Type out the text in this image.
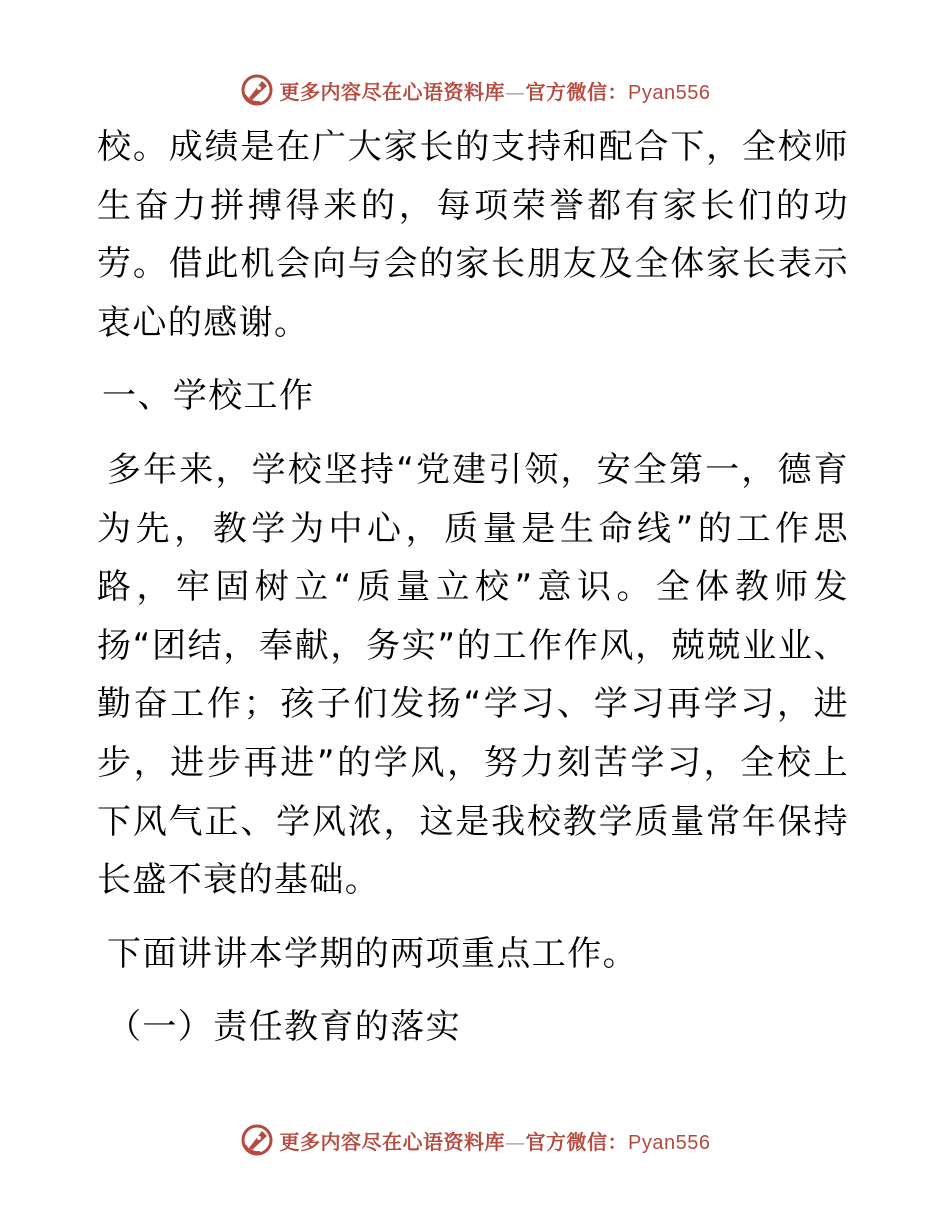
更多内容尽在心语资料库—官方微信：Pyan556

校。成绩是在广大家长的支持和配合下，全校师生奋力拼搏得来的，每项荣誉都有家长们的功劳。借此机会向与会的家长朋友及全体家长表示衷心的感谢。

一、学校工作

多年来，学校坚持“党建引领，安全第一，德育为先，教学为中心，质量是生命线”的工作思路，牢固树立“质量立校”意识。全体教师发扬“团结，奉献，务实”的工作作风，兢兢业业、勤奋工作；孩子们发扬“学习、学习再学习，进步，进步再进”的学风，努力刻苦学习，全校上下风气正、学风浓，这是我校教学质量常年保持长盛不衰的基础。

下面讲讲本学期的两项重点工作。

（一）责任教育的落实

更多内容尽在心语资料库—官方微信：Pyan556
